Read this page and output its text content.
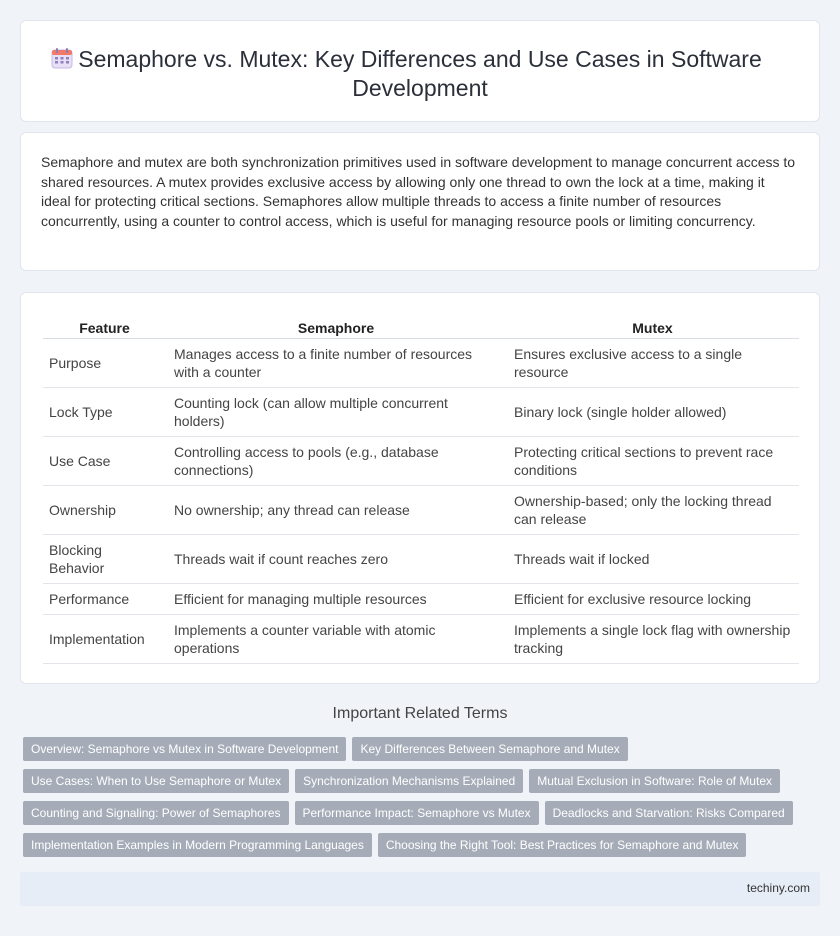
Semaphore vs. Mutex: Key Differences and Use Cases in Software Development

Semaphore and mutex are both synchronization primitives used in software development to manage concurrent access to shared resources. A mutex provides exclusive access by allowing only one thread to own the lock at a time, making it ideal for protecting critical sections. Semaphores allow multiple threads to access a finite number of resources concurrently, using a counter to control access, which is useful for managing resource pools or limiting concurrency.

Feature	Semaphore	Mutex
Purpose	Manages access to a finite number of resources with a counter	Ensures exclusive access to a single resource
Lock Type	Counting lock (can allow multiple concurrent holders)	Binary lock (single holder allowed)
Use Case	Controlling access to pools (e.g., database connections)	Protecting critical sections to prevent race conditions
Ownership	No ownership; any thread can release	Ownership-based; only the locking thread can release
Blocking Behavior	Threads wait if count reaches zero	Threads wait if locked
Performance	Efficient for managing multiple resources	Efficient for exclusive resource locking
Implementation	Implements a counter variable with atomic operations	Implements a single lock flag with ownership tracking
Important Related Terms
Overview: Semaphore vs Mutex in Software Development	Key Differences Between Semaphore and Mutex
Use Cases: When to Use Semaphore or Mutex	Synchronization Mechanisms Explained	Mutual Exclusion in Software: Role of Mutex
Counting and Signaling: Power of Semaphores	Performance Impact: Semaphore vs Mutex	Deadlocks and Starvation: Risks Compared
Implementation Examples in Modern Programming Languages	Choosing the Right Tool: Best Practices for Semaphore and Mutex
techiny.com
